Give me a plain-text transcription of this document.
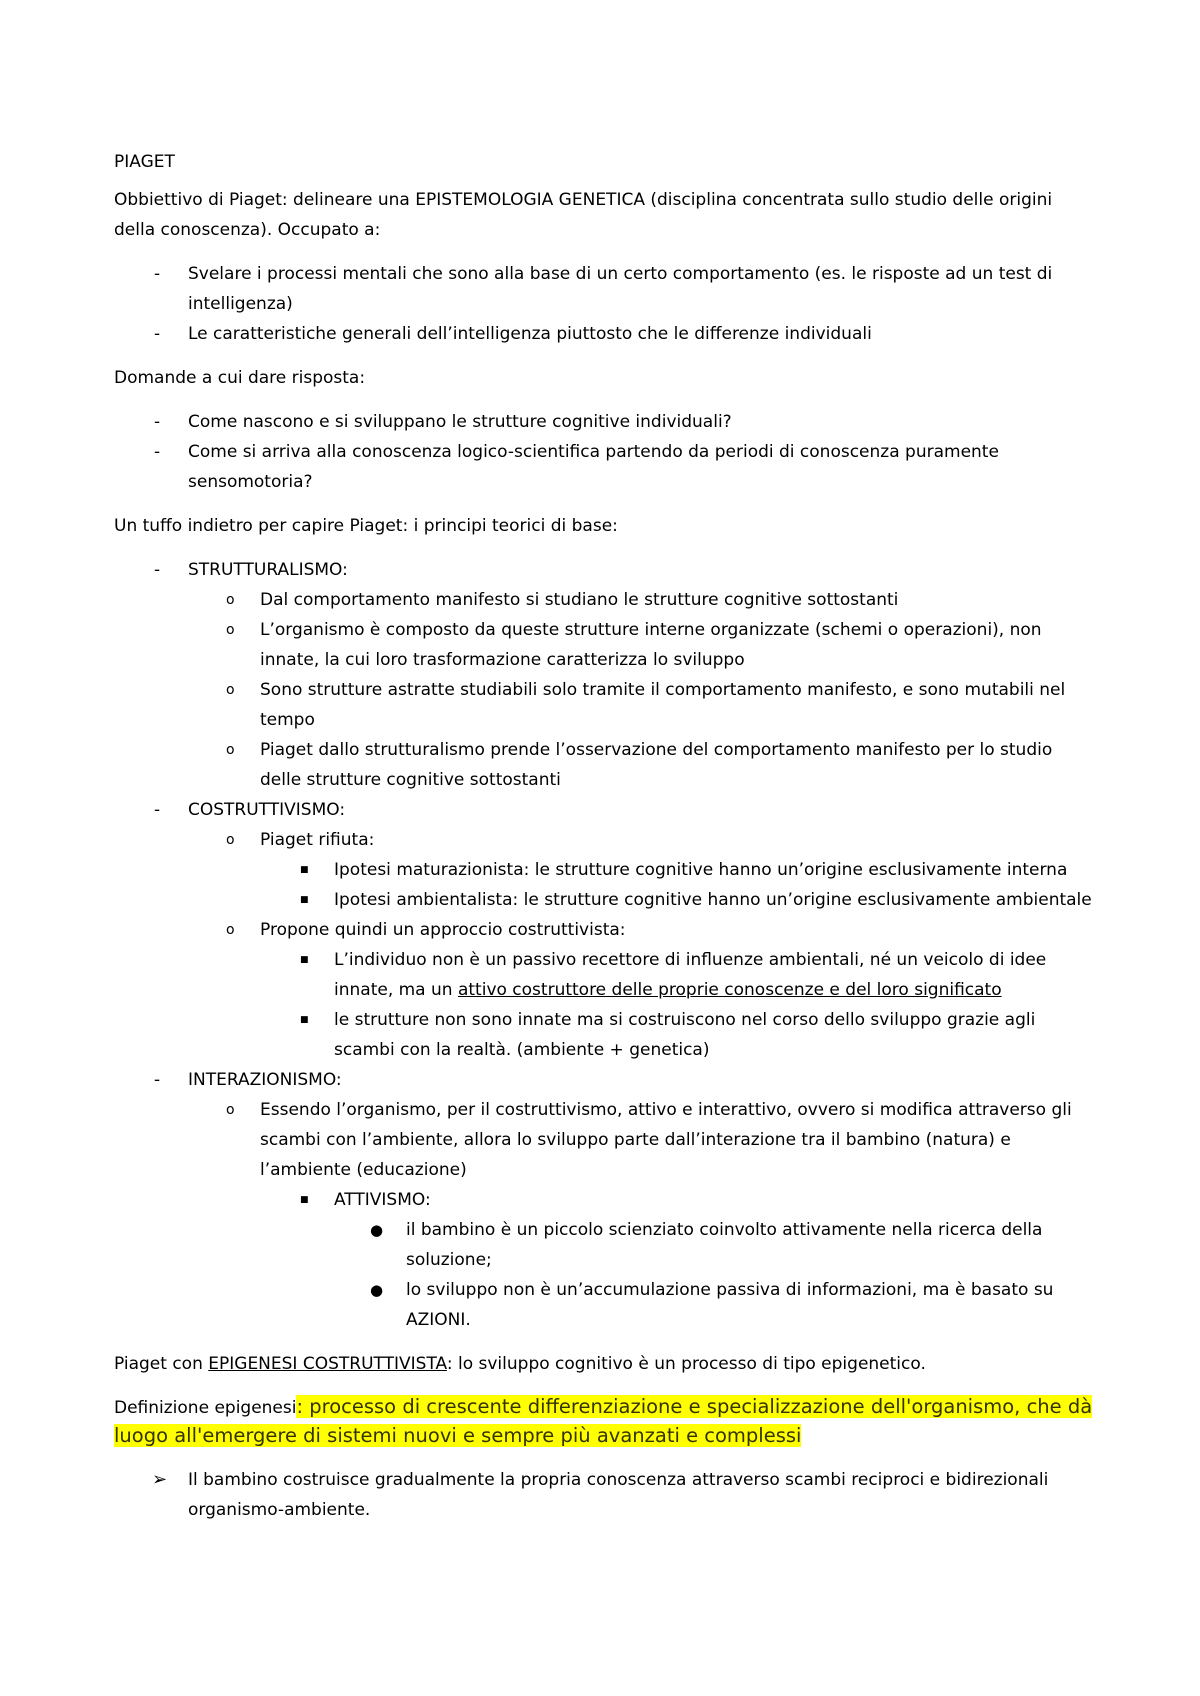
PIAGET

Obbiettivo di Piaget: delineare una EPISTEMOLOGIA GENETICA (disciplina concentrata sullo studio delle origini della conoscenza). Occupato a:

-	Svelare i processi mentali che sono alla base di un certo comportamento (es. le risposte ad un test di intelligenza)
-	Le caratteristiche generali dell’intelligenza piuttosto che le differenze individuali

Domande a cui dare risposta:

-	Come nascono e si sviluppano le strutture cognitive individuali?
-	Come si arriva alla conoscenza logico-scientifica partendo da periodi di conoscenza puramente sensomotoria?

Un tuffo indietro per capire Piaget: i principi teorici di base:

-	STRUTTURALISMO:
o	Dal comportamento manifesto si studiano le strutture cognitive sottostanti
o	L’organismo è composto da queste strutture interne organizzate (schemi o operazioni), non innate, la cui loro trasformazione caratterizza lo sviluppo
o	Sono strutture astratte studiabili solo tramite il comportamento manifesto, e sono mutabili nel tempo
o	Piaget dallo strutturalismo prende l’osservazione del comportamento manifesto per lo studio delle strutture cognitive sottostanti
-	COSTRUTTIVISMO:
o	Piaget rifiuta:
■	Ipotesi maturazionista: le strutture cognitive hanno un’origine esclusivamente interna
■	Ipotesi ambientalista: le strutture cognitive hanno un’origine esclusivamente ambientale
o	Propone quindi un approccio costruttivista:
■	L’individuo non è un passivo recettore di influenze ambientali, né un veicolo di idee innate, ma un attivo costruttore delle proprie conoscenze e del loro significato
■	le strutture non sono innate ma si costruiscono nel corso dello sviluppo grazie agli scambi con la realtà. (ambiente + genetica)
-	INTERAZIONISMO:
o	Essendo l’organismo, per il costruttivismo, attivo e interattivo, ovvero si modifica attraverso gli scambi con l’ambiente, allora lo sviluppo parte dall’interazione tra il bambino (natura) e l’ambiente (educazione)
■	ATTIVISMO:
●	il bambino è un piccolo scienziato coinvolto attivamente nella ricerca della soluzione;
●	lo sviluppo non è un’accumulazione passiva di informazioni, ma è basato su AZIONI.

Piaget con EPIGENESI COSTRUTTIVISTA: lo sviluppo cognitivo è un processo di tipo epigenetico.

Definizione epigenesi: processo di crescente differenziazione e specializzazione dell'organismo, che dà luogo all'emergere di sistemi nuovi e sempre più avanzati e complessi

➢ Il bambino costruisce gradualmente la propria conoscenza attraverso scambi reciproci e bidirezionali organismo-ambiente.
